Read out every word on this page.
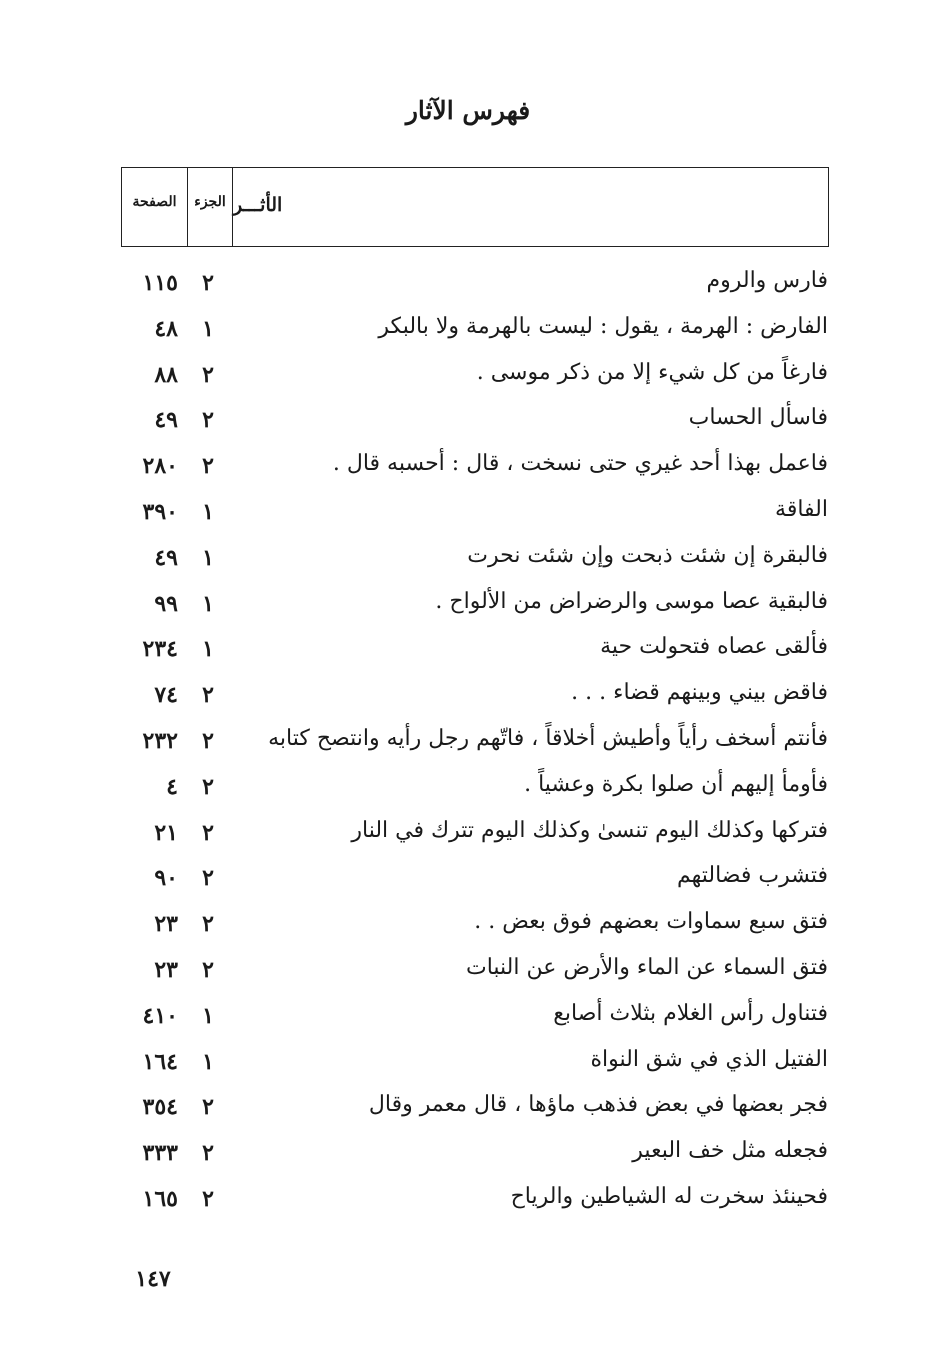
فهرس الآثار
الأثـــر
الجزء
الصفحة
فارس والروم
٢
١١٥
الفارض : الهرمة ، يقول : ليست بالهرمة ولا بالبكر
١
٤٨
فارغاً من كل شيء إلا من ذكر موسى .
٢
٨٨
فاسأل الحساب
٢
٤٩
فاعمل بهذا أحد غيري حتى نسخت ، قال : أحسبه قال .
٢
٢٨٠
الفاقة
١
٣٩٠
فالبقرة إن شئت ذبحت وإن شئت نحرت
١
٤٩
فالبقية عصا موسى والرضراض من الألواح .
١
٩٩
فألقى عصاه فتحولت حية
١
٢٣٤
فاقض بيني وبينهم قضاء . . .
٢
٧٤
فأنتم أسخف رأياً وأطيش أخلاقاً ، فاتّهم رجل رأيه وانتصح كتابه
٢
٢٣٢
فأومأ إليهم أن صلوا بكرة وعشياً .
٢
٤
فتركها وكذلك اليوم تنسىٰ وكذلك اليوم تترك في النار
٢
٢١
فتشرب فضالتهم
٢
٩٠
فتق سبع سماوات بعضهم فوق بعض . .
٢
٢٣
فتق السماء عن الماء والأرض عن النبات
٢
٢٣
فتناول رأس الغلام بثلاث أصابع
١
٤١٠
الفتيل الذي في شق النواة
١
١٦٤
فجر بعضها في بعض فذهب ماؤها ، قال معمر وقال
٢
٣٥٤
فجعله مثل خف البعير
٢
٣٣٣
فحينئذ سخرت له الشياطين والرياح
٢
١٦٥
١٤٧
